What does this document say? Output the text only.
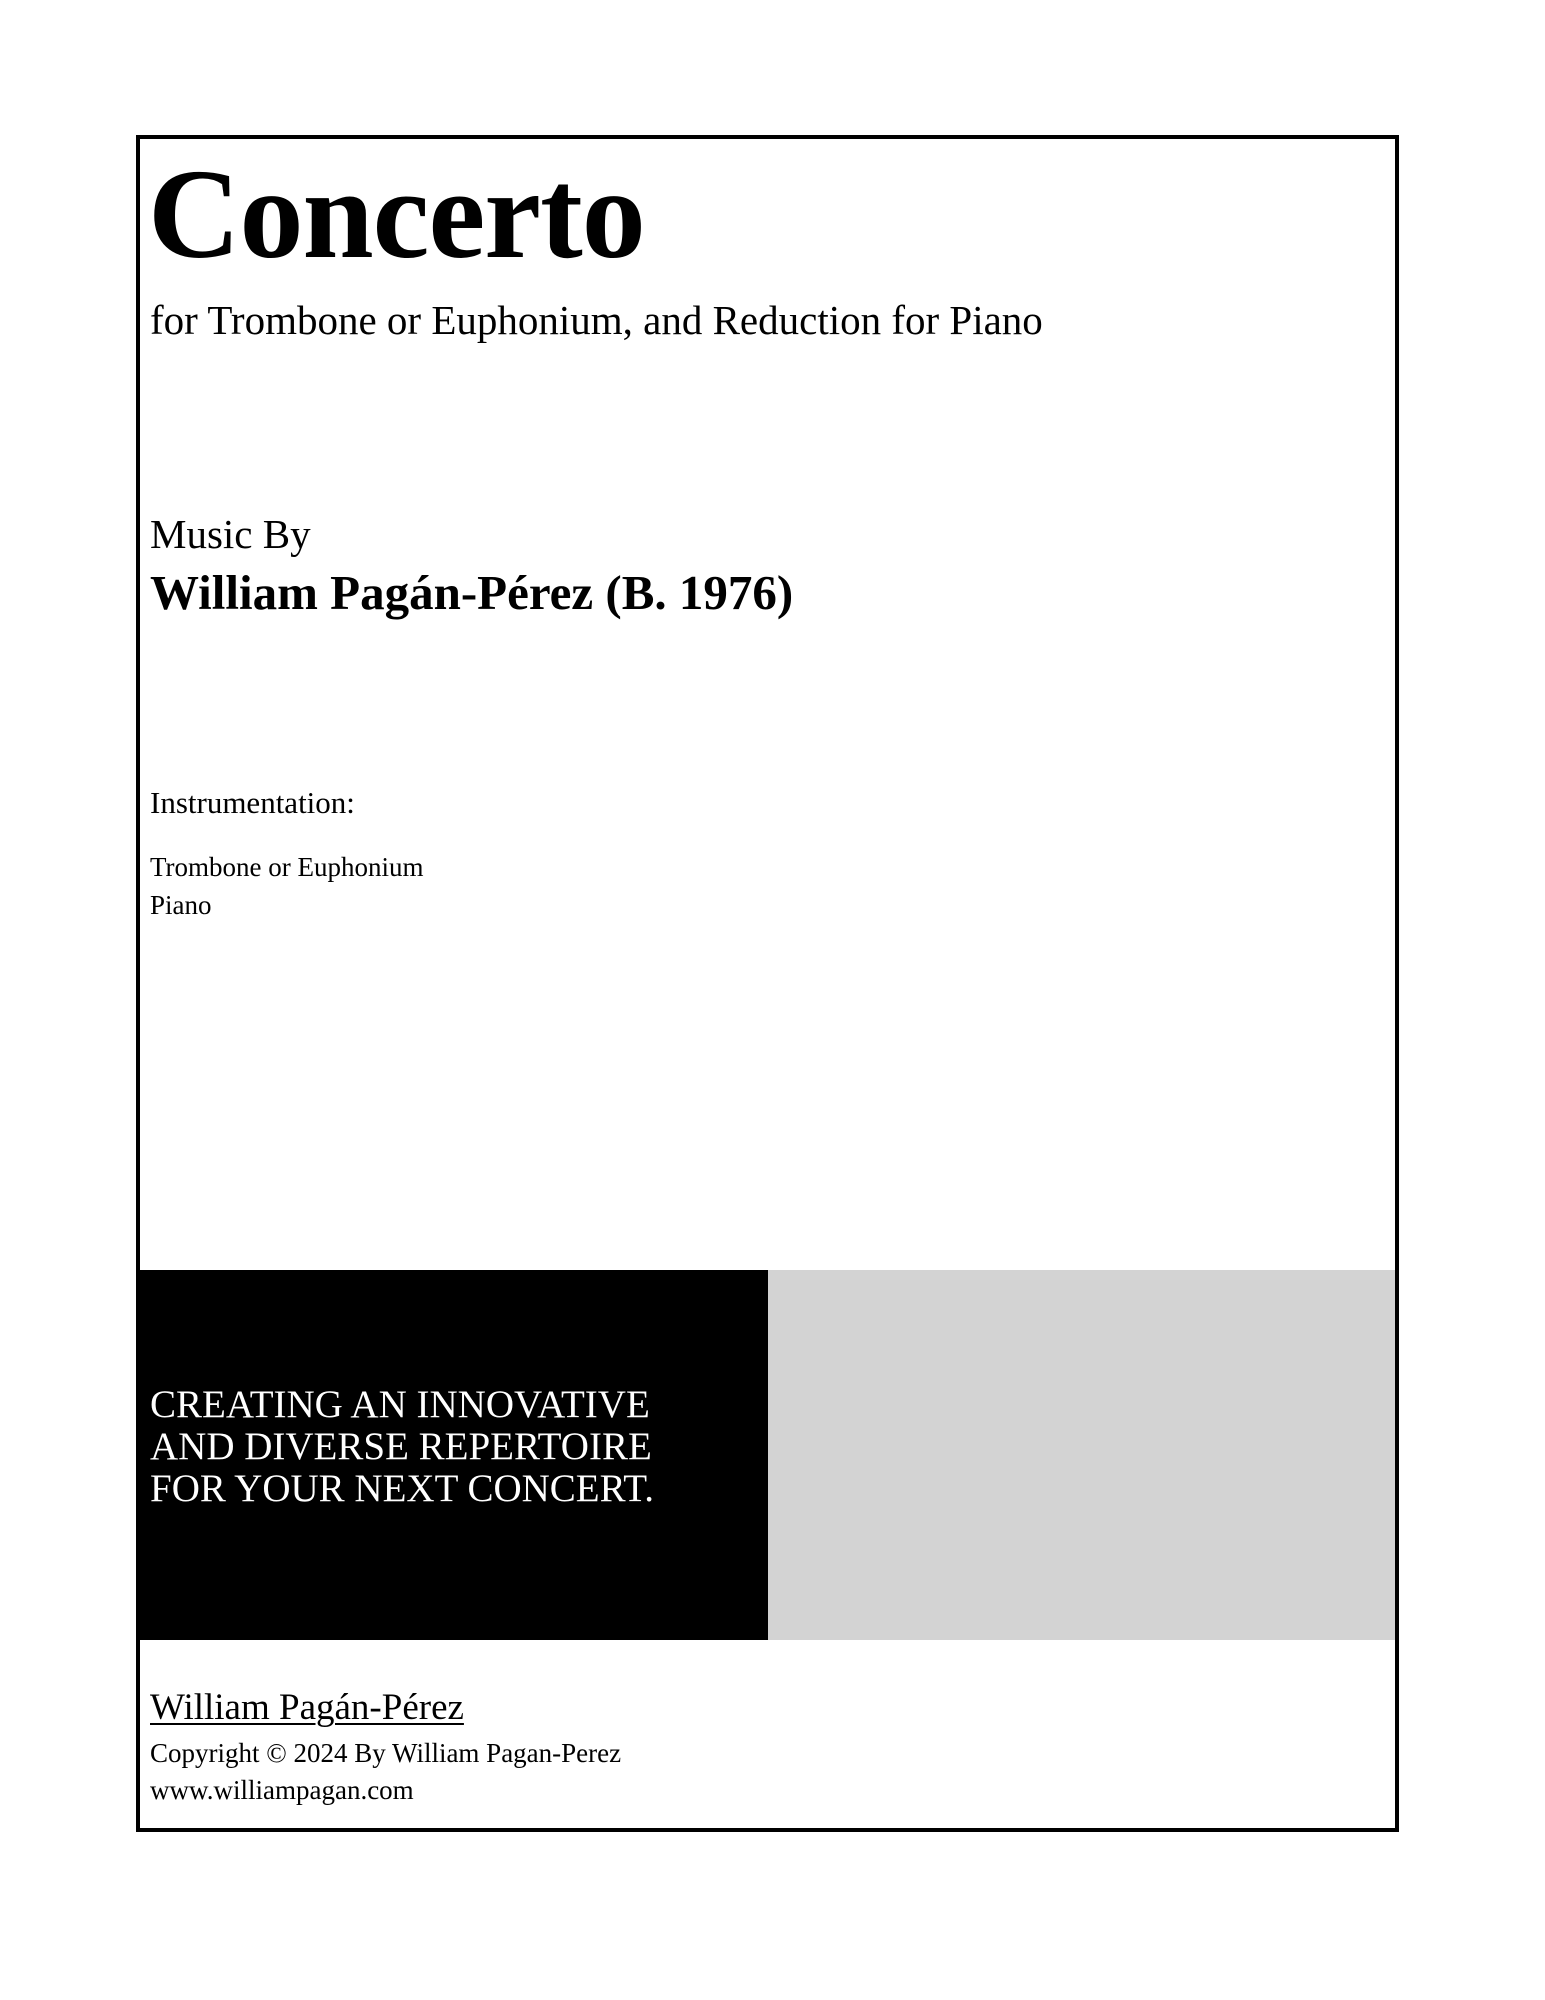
Concerto

for Trombone or Euphonium, and Reduction for Piano

Music By

William Pagán-Pérez (B. 1976)

Instrumentation:

Trombone or Euphonium
Piano
CREATING AN INNOVATIVE
AND DIVERSE REPERTOIRE
FOR YOUR NEXT CONCERT.

William Pagán-Pérez

Copyright © 2024 By William Pagan-Perez

www.williampagan.com
